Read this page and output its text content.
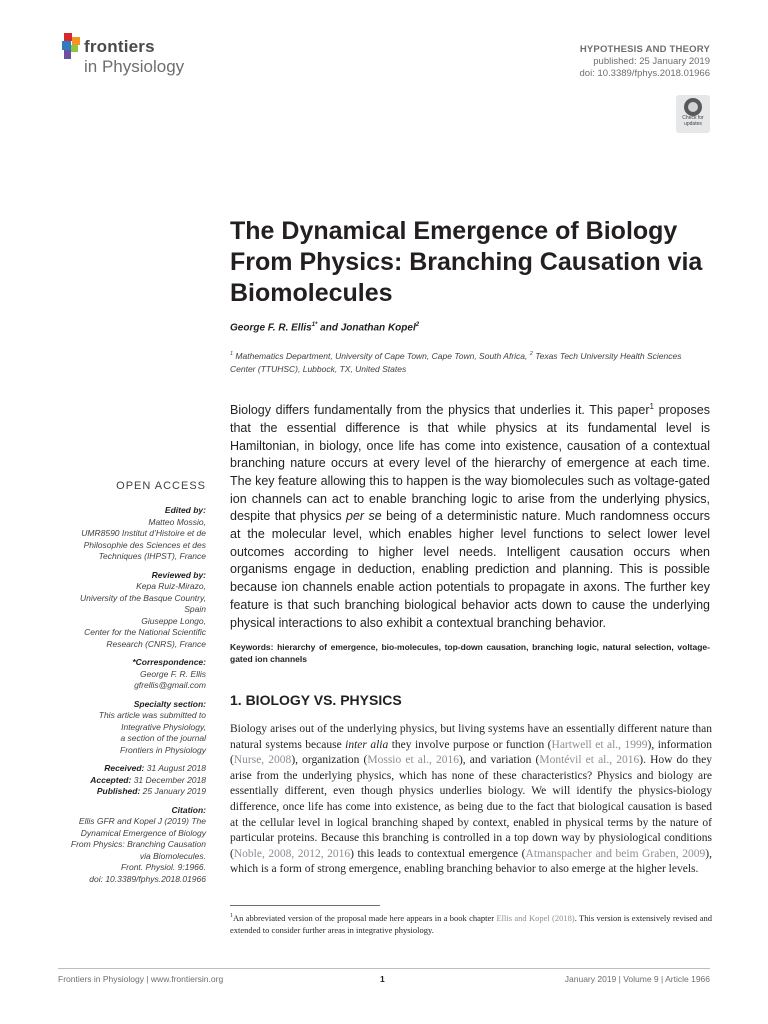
frontiers
in Physiology
HYPOTHESIS AND THEORY
published: 25 January 2019
doi: 10.3389/fphys.2018.01966
Check for updates
The Dynamical Emergence of Biology From Physics: Branching Causation via Biomolecules
George F. R. Ellis$^{1*}$ and Jonathan Kopel$^2$
$^1$ Mathematics Department, University of Cape Town, Cape Town, South Africa, $^2$ Texas Tech University Health Sciences Center (TTUHSC), Lubbock, TX, United States
Biology differs fundamentally from the physics that underlies it. This paper$^1$ proposes that the essential difference is that while physics at its fundamental level is Hamiltonian, in biology, once life has come into existence, causation of a contextual branching nature occurs at every level of the hierarchy of emergence at each time. The key feature allowing this to happen is the way biomolecules such as voltage-gated ion channels can act to enable branching logic to arise from the underlying physics, despite that physics per se being of a deterministic nature. Much randomness occurs at the molecular level, which enables higher level functions to select lower level outcomes according to higher level needs. Intelligent causation occurs when organisms engage in deduction, enabling prediction and planning. This is possible because ion channels enable action potentials to propagate in axons. The further key feature is that such branching biological behavior acts down to cause the underlying physical interactions to also exhibit a contextual branching behavior.
Keywords: hierarchy of emergence, bio-molecules, top-down causation, branching logic, natural selection, voltage-gated ion channels
1. BIOLOGY VS. PHYSICS
Biology arises out of the underlying physics, but living systems have an essentially different nature than natural systems because inter alia they involve purpose or function (Hartwell et al., 1999), information (Nurse, 2008), organization (Mossio et al., 2016), and variation (Montévil et al., 2016). How do they arise from the underlying physics, which has none of these characteristics? Physics and biology are essentially different, even though physics underlies biology. We will identify the physics-biology difference, once life has come into existence, as being due to the fact that biological causation is based at the cellular level in logical branching shaped by context, enabled in physical terms by the nature of particular proteins. Because this branching is controlled in a top down way by physiological conditions (Noble, 2008, 2012, 2016) this leads to contextual emergence (Atmanspacher and beim Graben, 2009), which is a form of strong emergence, enabling branching behavior to also emerge at the higher levels.
$^1$An abbreviated version of the proposal made here appears in a book chapter Ellis and Kopel (2018). This version is extensively revised and extended to consider further areas in integrative physiology.
OPEN ACCESS
Edited by:
Matteo Mossio,
UMR8590 Institut d’Histoire et de
Philosophie des Sciences et des
Techniques (IHPST), France
Reviewed by:
Kepa Ruiz-Mirazo,
University of the Basque Country,
Spain
Giuseppe Longo,
Center for the National Scientific
Research (CNRS), France
*Correspondence:
George F. R. Ellis
gfrellis@gmail.com
Specialty section:
This article was submitted to
Integrative Physiology,
a section of the journal
Frontiers in Physiology
Received: 31 August 2018
Accepted: 31 December 2018
Published: 25 January 2019
Citation:
Ellis GFR and Kopel J (2019) The
Dynamical Emergence of Biology
From Physics: Branching Causation
via Biomolecules.
Front. Physiol. 9:1966.
doi: 10.3389/fphys.2018.01966
Frontiers in Physiology | www.frontiersin.org	1	January 2019 | Volume 9 | Article 1966
